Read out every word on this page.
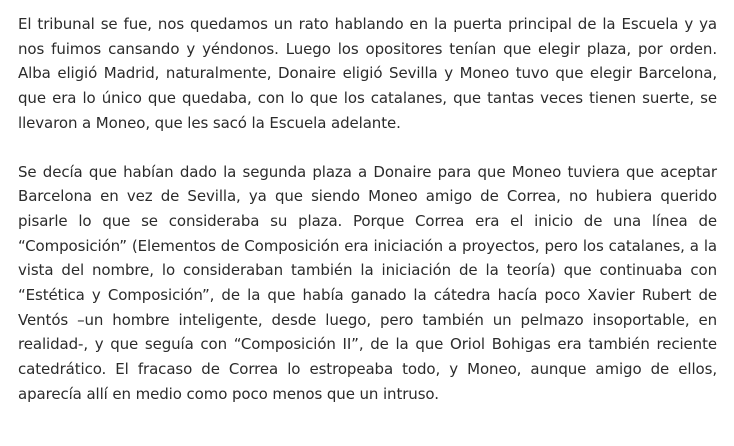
El tribunal se fue, nos quedamos un rato hablando en la puerta principal de la Escuela y ya nos fuimos cansando y yéndonos. Luego los opositores tenían que elegir plaza, por orden. Alba eligió Madrid, naturalmente, Donaire eligió Sevilla y Moneo tuvo que elegir Barcelona, que era lo único que quedaba, con lo que los catalanes, que tantas veces tienen suerte, se llevaron a Moneo, que les sacó la Escuela adelante.

Se decía que habían dado la segunda plaza a Donaire para que Moneo tuviera que aceptar Barcelona en vez de Sevilla, ya que siendo Moneo amigo de Correa, no hubiera querido pisarle lo que se consideraba su plaza. Porque Correa era el inicio de una línea de “Composición” (Elementos de Composición era iniciación a proyectos, pero los catalanes, a la vista del nombre, lo consideraban también la iniciación de la teoría) que continuaba con “Estética y Composición”, de la que había ganado la cátedra hacía poco Xavier Rubert de Ventós –un hombre inteligente, desde luego, pero también un pelmazo insoportable, en realidad-, y que seguía con “Composición II”, de la que Oriol Bohigas era también reciente catedrático. El fracaso de Correa lo estropeaba todo, y Moneo, aunque amigo de ellos, aparecía allí en medio como poco menos que un intruso.
